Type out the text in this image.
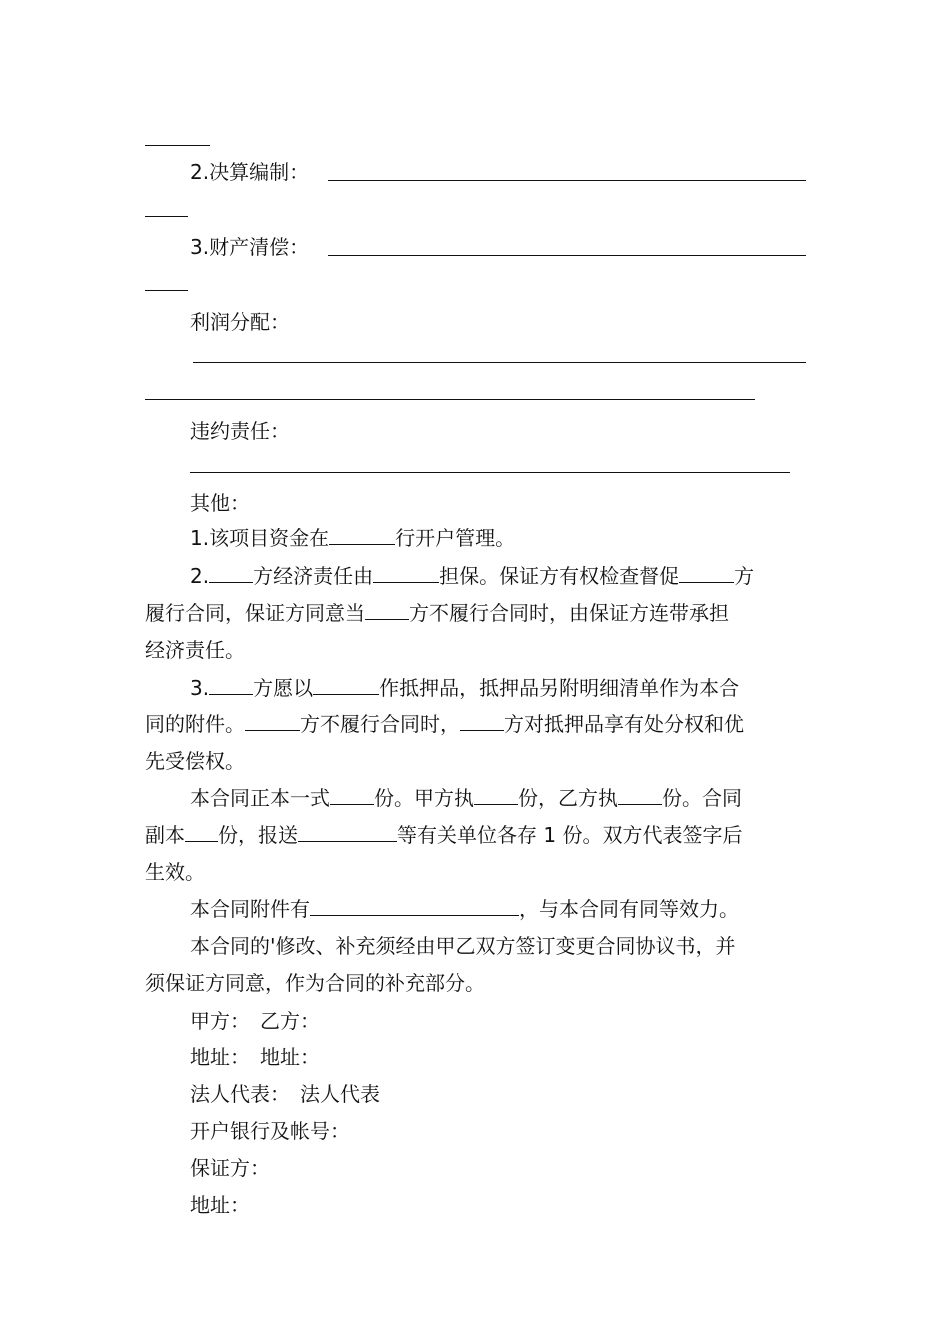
2.决算编制：

3.财产清偿：

利润分配：

违约责任：

其他：

1.该项目资金在	行开户管理。

2. 方经济责任由	担保。保证方有权检查督促	方

履行合同，保证方同意当 方不履行合同时，由保证方连带承担

经济责任。

3. 方愿以	作抵押品，抵押品另附明细清单作为本合

同的附件。	方不履行合同时， 方对抵押品享有处分权和优

先受偿权。

本合同正本一式 份。甲方执 份，乙方执 份。合同

副本 份，报送	等有关单位各存 1 份。双方代表签字后

生效。

本合同附件有	，与本合同有同等效力。

本合同的'修改、补充须经由甲乙双方签订变更合同协议书，并

须保证方同意，作为合同的补充部分。

甲方： 乙方：

地址： 地址：

法人代表： 法人代表

开户银行及帐号：

保证方：

地址：
